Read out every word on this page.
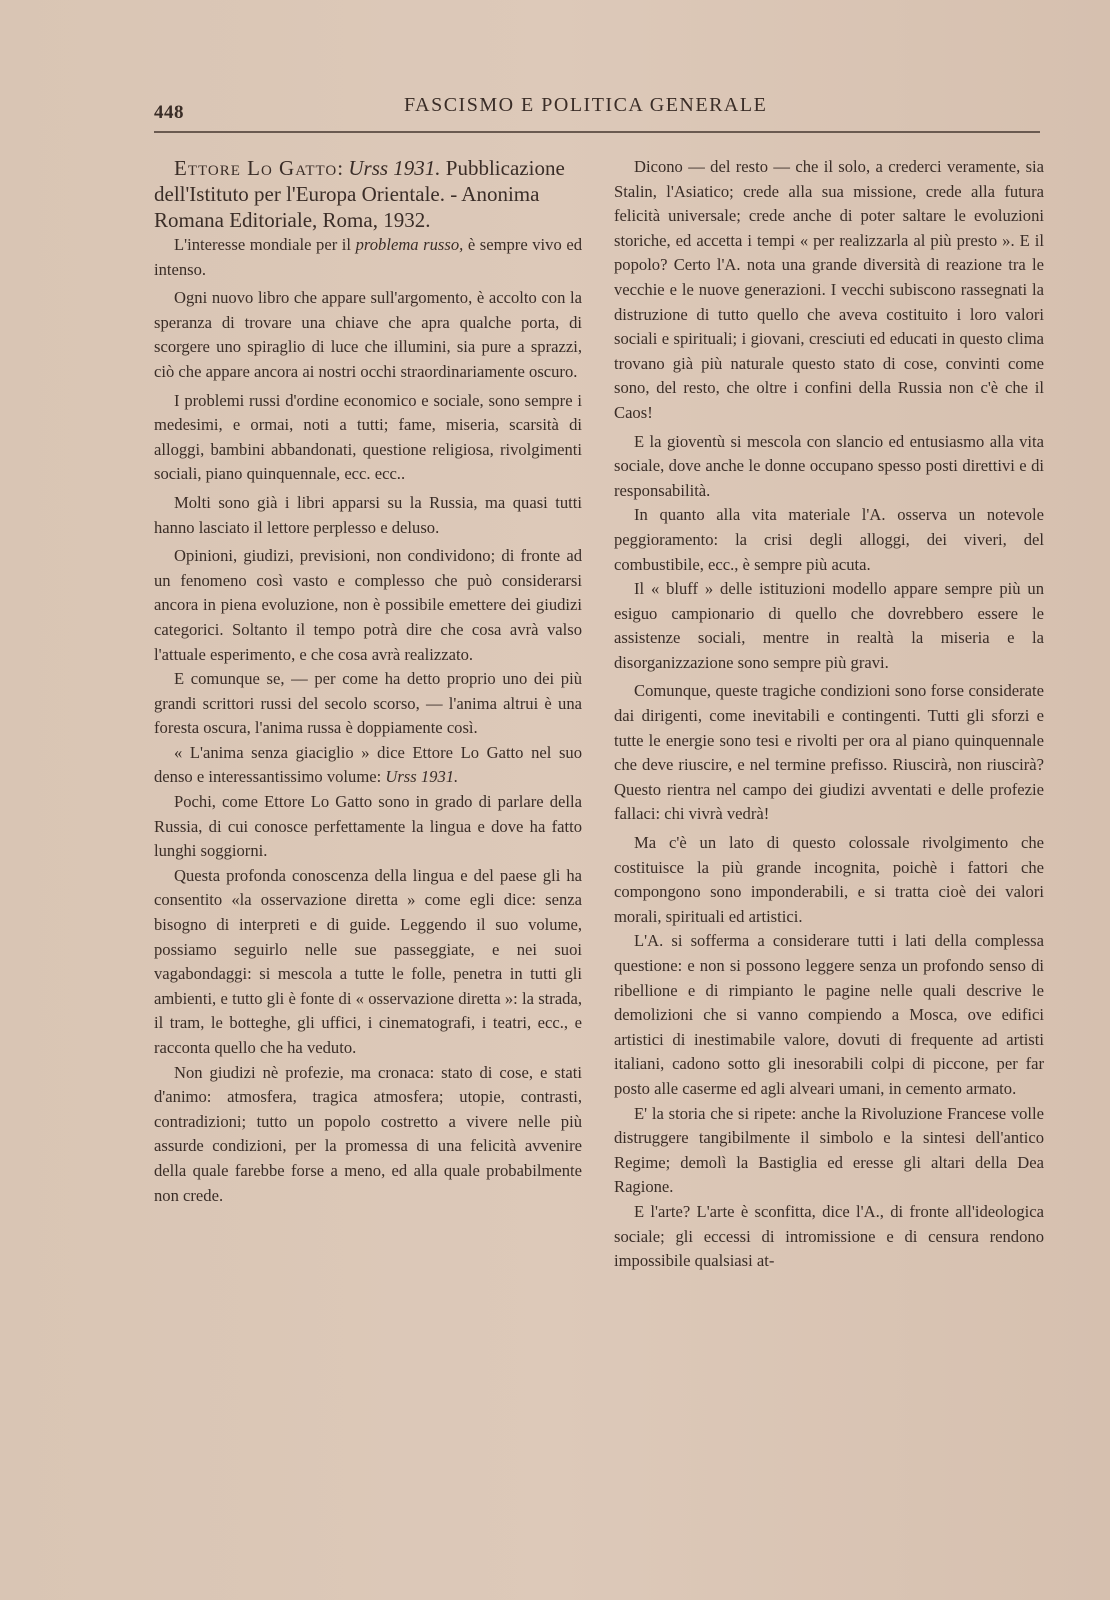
448	FASCISMO E POLITICA GENERALE

Ettore Lo Gatto: Urss 1931. Pubblicazione dell'Istituto per l'Europa Orientale. - Anonima Romana Editoriale, Roma, 1932.

L'interesse mondiale per il problema russo, è sempre vivo ed intenso.

Ogni nuovo libro che appare sull'argomento, è accolto con la speranza di trovare una chiave che apra qualche porta, di scorgere uno spiraglio di luce che illumini, sia pure a sprazzi, ciò che appare ancora ai nostri occhi straordinariamente oscuro.

I problemi russi d'ordine economico e sociale, sono sempre i medesimi, e ormai, noti a tutti; fame, miseria, scarsità di alloggi, bambini abbandonati, questione religiosa, rivolgimenti sociali, piano quinquennale, ecc. ecc..

Molti sono già i libri apparsi su la Russia, ma quasi tutti hanno lasciato il lettore perplesso e deluso.

Opinioni, giudizi, previsioni, non condividono; di fronte ad un fenomeno così vasto e complesso che può considerarsi ancora in piena evoluzione, non è possibile emettere dei giudizi categorici. Soltanto il tempo potrà dire che cosa avrà valso l'attuale esperimento, e che cosa avrà realizzato.

E comunque se, — per come ha detto proprio uno dei più grandi scrittori russi del secolo scorso, — l'anima altrui è una foresta oscura, l'anima russa è doppiamente così.

« L'anima senza giaciglio » dice Ettore Lo Gatto nel suo denso e interessantissimo volume: Urss 1931.

Pochi, come Ettore Lo Gatto sono in grado di parlare della Russia, di cui conosce perfettamente la lingua e dove ha fatto lunghi soggiorni.

Questa profonda conoscenza della lingua e del paese gli ha consentito «la osservazione diretta » come egli dice: senza bisogno di interpreti e di guide. Leggendo il suo volume, possiamo seguirlo nelle sue passeggiate, e nei suoi vagabondaggi: si mescola a tutte le folle, penetra in tutti gli ambienti, e tutto gli è fonte di « osservazione diretta »: la strada, il tram, le botteghe, gli uffici, i cinematografi, i teatri, ecc., e racconta quello che ha veduto.

Non giudizi nè profezie, ma cronaca: stato di cose, e stati d'animo: atmosfera, tragica atmosfera; utopie, contrasti, contradizioni; tutto un popolo costretto a vivere nelle più assurde condizioni, per la promessa di una felicità avvenire della quale farebbe forse a meno, ed alla quale probabilmente non crede.

Dicono — del resto — che il solo, a crederci veramente, sia Stalin, l'Asiatico; crede alla sua missione, crede alla futura felicità universale; crede anche di poter saltare le evoluzioni storiche, ed accetta i tempi « per realizzarla al più presto ». E il popolo? Certo l'A. nota una grande diversità di reazione tra le vecchie e le nuove generazioni. I vecchi subiscono rassegnati la distruzione di tutto quello che aveva costituito i loro valori sociali e spirituali; i giovani, cresciuti ed educati in questo clima trovano già più naturale questo stato di cose, convinti come sono, del resto, che oltre i confini della Russia non c'è che il Caos!

E la gioventù si mescola con slancio ed entusiasmo alla vita sociale, dove anche le donne occupano spesso posti direttivi e di responsabilità.

In quanto alla vita materiale l'A. osserva un notevole peggioramento: la crisi degli alloggi, dei viveri, del combustibile, ecc., è sempre più acuta.

Il « bluff » delle istituzioni modello appare sempre più un esiguo campionario di quello che dovrebbero essere le assistenze sociali, mentre in realtà la miseria e la disorganizzazione sono sempre più gravi.

Comunque, queste tragiche condizioni sono forse considerate dai dirigenti, come inevitabili e contingenti. Tutti gli sforzi e tutte le energie sono tesi e rivolti per ora al piano quinquennale che deve riuscire, e nel termine prefisso. Riuscirà, non riuscirà? Questo rientra nel campo dei giudizi avventati e delle profezie fallaci: chi vivrà vedrà!

Ma c'è un lato di questo colossale rivolgimento che costituisce la più grande incognita, poichè i fattori che compongono sono imponderabili, e si tratta cioè dei valori morali, spirituali ed artistici.

L'A. si sofferma a considerare tutti i lati della complessa questione: e non si possono leggere senza un profondo senso di ribellione e di rimpianto le pagine nelle quali descrive le demolizioni che si vanno compiendo a Mosca, ove edifici artistici di inestimabile valore, dovuti di frequente ad artisti italiani, cadono sotto gli inesorabili colpi di piccone, per far posto alle caserme ed agli alveari umani, in cemento armato.

E' la storia che si ripete: anche la Rivoluzione Francese volle distruggere tangibilmente il simbolo e la sintesi dell'antico Regime; demolì la Bastiglia ed eresse gli altari della Dea Ragione.

E l'arte? L'arte è sconfitta, dice l'A., di fronte all'ideologica sociale; gli eccessi di intromissione e di censura rendono impossibile qualsiasi at-
